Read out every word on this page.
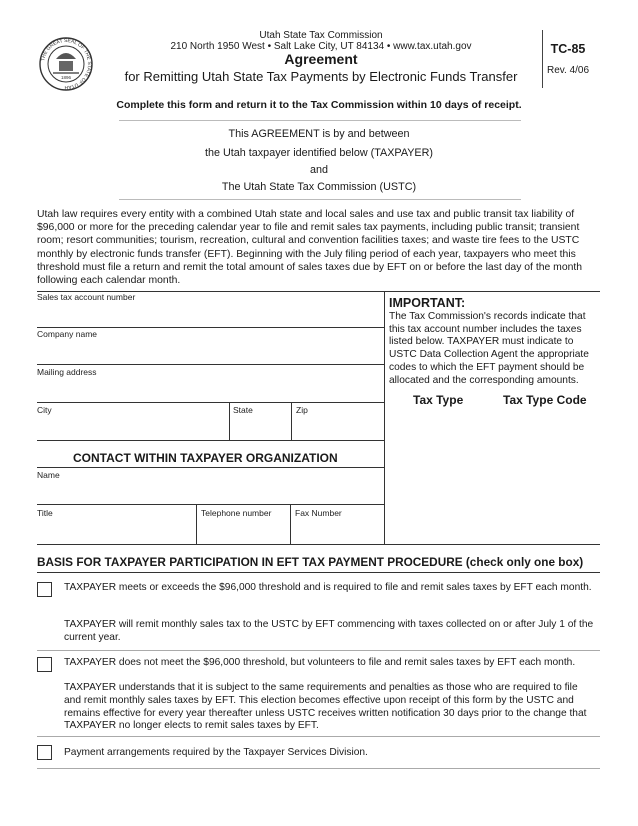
THE GREAT SEAL OF THE STATE OF UTAH
1896
Utah State Tax Commission
210 North 1950 West • Salt Lake City, UT 84134 • www.tax.utah.gov
Agreement
for Remitting Utah State Tax Payments by Electronic Funds Transfer
TC-85
Rev. 4/06
Complete this form and return it to the Tax Commission within 10 days of receipt.
This AGREEMENT is by and between
the Utah taxpayer identified below (TAXPAYER)
and
The Utah State Tax Commission (USTC)
Utah law requires every entity with a combined Utah state and local sales and use tax and public transit tax liability of $96,000 or more for the preceding calendar year to file and remit sales tax payments, including public transit; transient room; resort communities; tourism, recreation, cultural and convention facilities taxes; and waste tire fees to the USTC monthly by electronic funds transfer (EFT). Beginning with the July filing period of each year, taxpayers who meet this threshold must file a return and remit the total amount of sales taxes due by EFT on or before the last day of the month following each calendar month.
Sales tax account number
Company name
Mailing address
City	State	Zip
IMPORTANT:
The Tax Commission's records indicate that this tax account number includes the taxes listed below. TAXPAYER must indicate to USTC Data Collection Agent the appropriate codes to which the EFT payment should be allocated and the corresponding amounts.
Tax Type	Tax Type Code
CONTACT WITHIN TAXPAYER ORGANIZATION
Name
Title	Telephone number	Fax Number
BASIS FOR TAXPAYER PARTICIPATION IN EFT TAX PAYMENT PROCEDURE (check only one box)
TAXPAYER meets or exceeds the $96,000 threshold and is required to file and remit sales taxes by EFT each month.
TAXPAYER will remit monthly sales tax to the USTC by EFT commencing with taxes collected on or after July 1 of the current year.
TAXPAYER does not meet the $96,000 threshold, but volunteers to file and remit sales taxes by EFT each month.
TAXPAYER understands that it is subject to the same requirements and penalties as those who are required to file and remit monthly sales taxes by EFT. This election becomes effective upon receipt of this form by the USTC and remains effective for every year thereafter unless USTC receives written notification 30 days prior to the change that TAXPAYER no longer elects to remit sales taxes by EFT.
Payment arrangements required by the Taxpayer Services Division.
